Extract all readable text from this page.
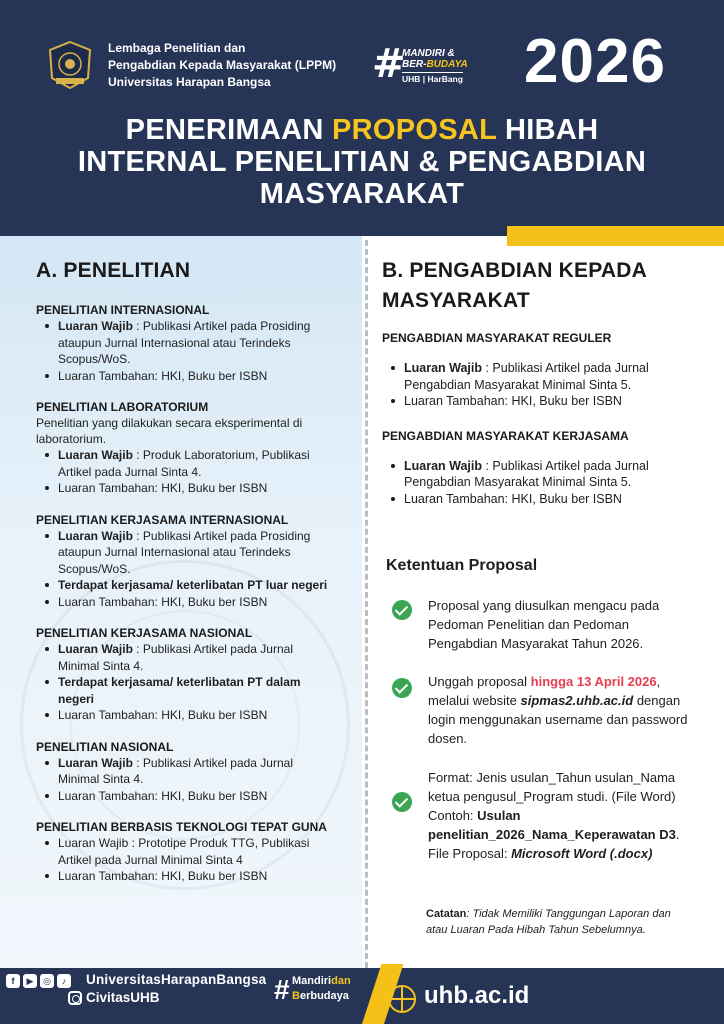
Lembaga Penelitian dan
Pengabdian Kepada Masyarakat (LPPM)
Universitas Harapan Bangsa	#
MANDIRI &
BER-BUDAYA
UHB | HarBang 2026
PENERIMAAN PROPOSAL HIBAH
INTERNAL PENELITIAN & PENGABDIAN
MASYARAKAT
A. PENELITIAN
PENELITIAN INTERNASIONAL
Luaran Wajib : Publikasi Artikel pada Prosiding ataupun Jurnal Internasional atau Terindeks Scopus/WoS.
Luaran Tambahan: HKI, Buku ber ISBN
PENELITIAN LABORATORIUM
Penelitian yang dilakukan secara eksperimental di laboratorium.
Luaran Wajib : Produk Laboratorium, Publikasi Artikel pada Jurnal Sinta 4.
Luaran Tambahan: HKI, Buku ber ISBN
PENELITIAN KERJASAMA INTERNASIONAL
Luaran Wajib : Publikasi Artikel pada Prosiding ataupun Jurnal Internasional atau Terindeks Scopus/WoS.
Terdapat kerjasama/ keterlibatan PT luar negeri
Luaran Tambahan: HKI, Buku ber ISBN
PENELITIAN KERJASAMA NASIONAL
Luaran Wajib : Publikasi Artikel pada Jurnal Minimal Sinta 4.
Terdapat kerjasama/ keterlibatan PT dalam negeri
Luaran Tambahan: HKI, Buku ber ISBN
PENELITIAN NASIONAL
Luaran Wajib : Publikasi Artikel pada Jurnal Minimal Sinta 4.
Luaran Tambahan: HKI, Buku ber ISBN
PENELITIAN BERBASIS TEKNOLOGI TEPAT GUNA
Luaran Wajib : Prototipe Produk TTG, Publikasi Artikel pada Jurnal Minimal Sinta 4
Luaran Tambahan: HKI, Buku ber ISBN
B. PENGABDIAN KEPADA
MASYARAKAT
PENGABDIAN MASYARAKAT REGULER
Luaran Wajib : Publikasi Artikel pada Jurnal Pengabdian Masyarakat Minimal Sinta 5.
Luaran Tambahan: HKI, Buku ber ISBN
PENGABDIAN MASYARAKAT KERJASAMA
Luaran Wajib : Publikasi Artikel pada Jurnal Pengabdian Masyarakat Minimal Sinta 5.
Luaran Tambahan: HKI, Buku ber ISBN
Ketentuan Proposal
Proposal yang diusulkan mengacu pada Pedoman Penelitian dan Pedoman Pengabdian Masyarakat Tahun 2026.
Unggah proposal hingga 13 April 2026, melalui website sipmas2.uhb.ac.id dengan login menggunakan username dan password dosen.
Format: Jenis usulan_Tahun usulan_Nama ketua pengusul_Program studi. (File Word)
Contoh: Usulan penelitian_2026_Nama_Keperawatan D3. File Proposal: Microsoft Word (.docx)
Catatan: Tidak Memiliki Tanggungan Laporan dan atau Luaran Pada Hibah Tahun Sebelumnya.
f	▶	◎	♪	UniversitasHarapanBangsa
CivitasUHB	# Mandiridan
Berbudaya	uhb.ac.id
